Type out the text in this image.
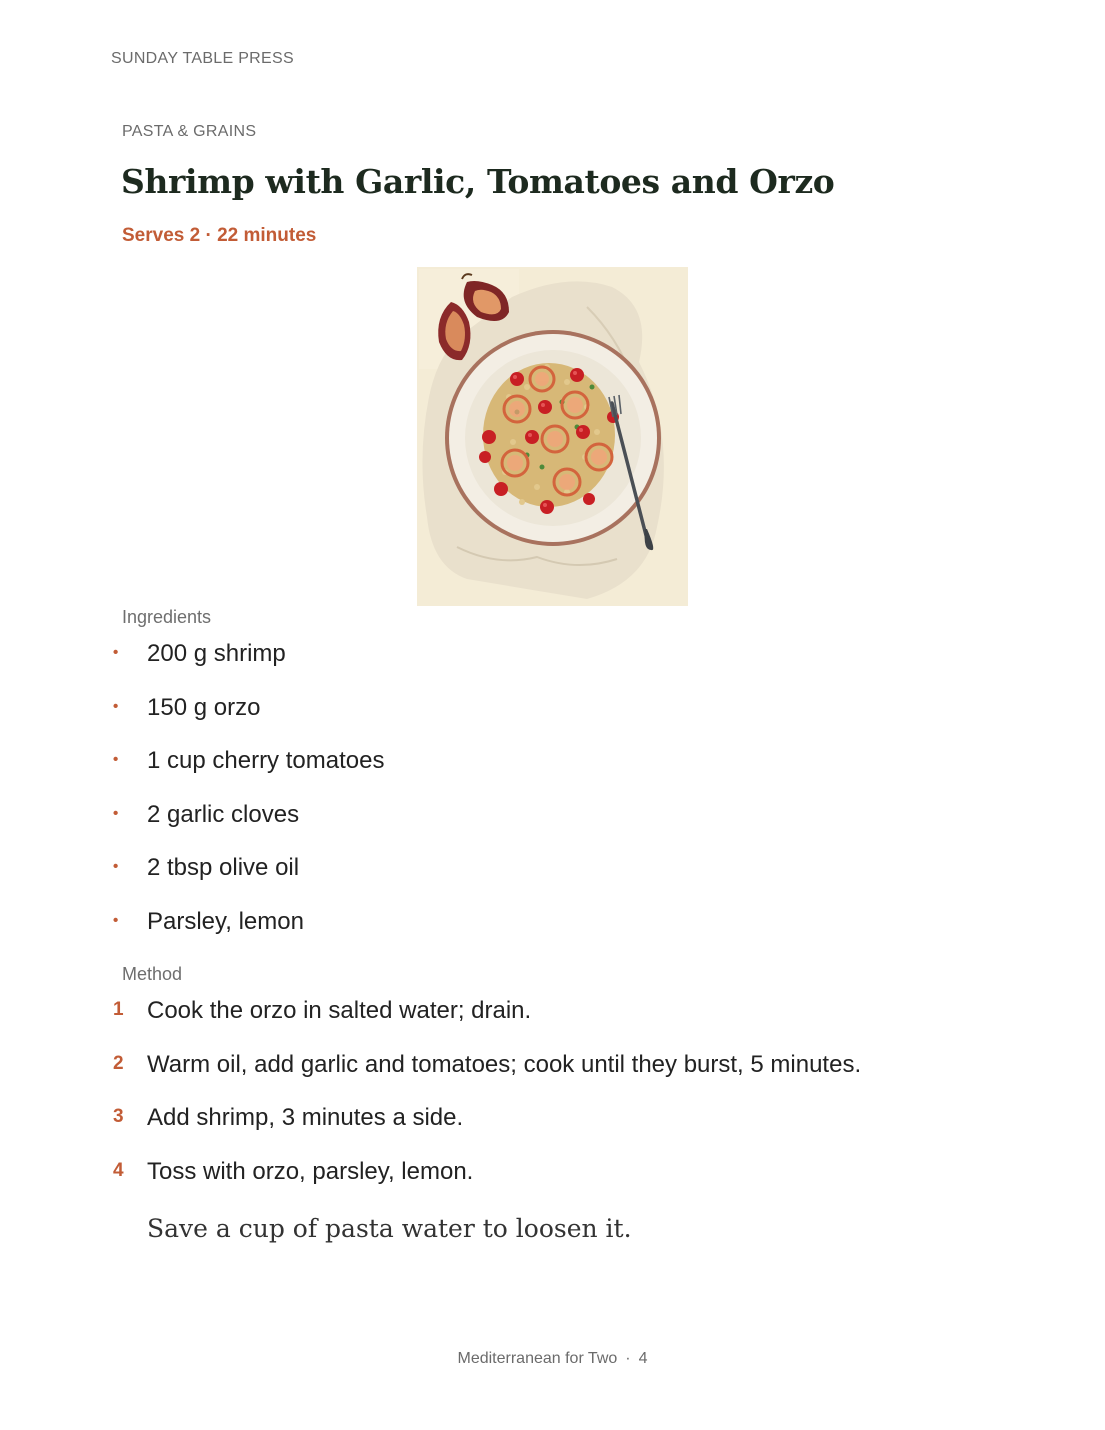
SUNDAY TABLE PRESS
PASTA & GRAINS
Shrimp with Garlic, Tomatoes and Orzo
Serves 2 · 22 minutes
Ingredients
• 200 g shrimp
• 150 g orzo
• 1 cup cherry tomatoes
• 2 garlic cloves
• 2 tbsp olive oil
• Parsley, lemon
Method
1 Cook the orzo in salted water; drain.
2 Warm oil, add garlic and tomatoes; cook until they burst, 5 minutes.
3 Add shrimp, 3 minutes a side.
4 Toss with orzo, parsley, lemon.
Save a cup of pasta water to loosen it.
Mediterranean for Two · 4
